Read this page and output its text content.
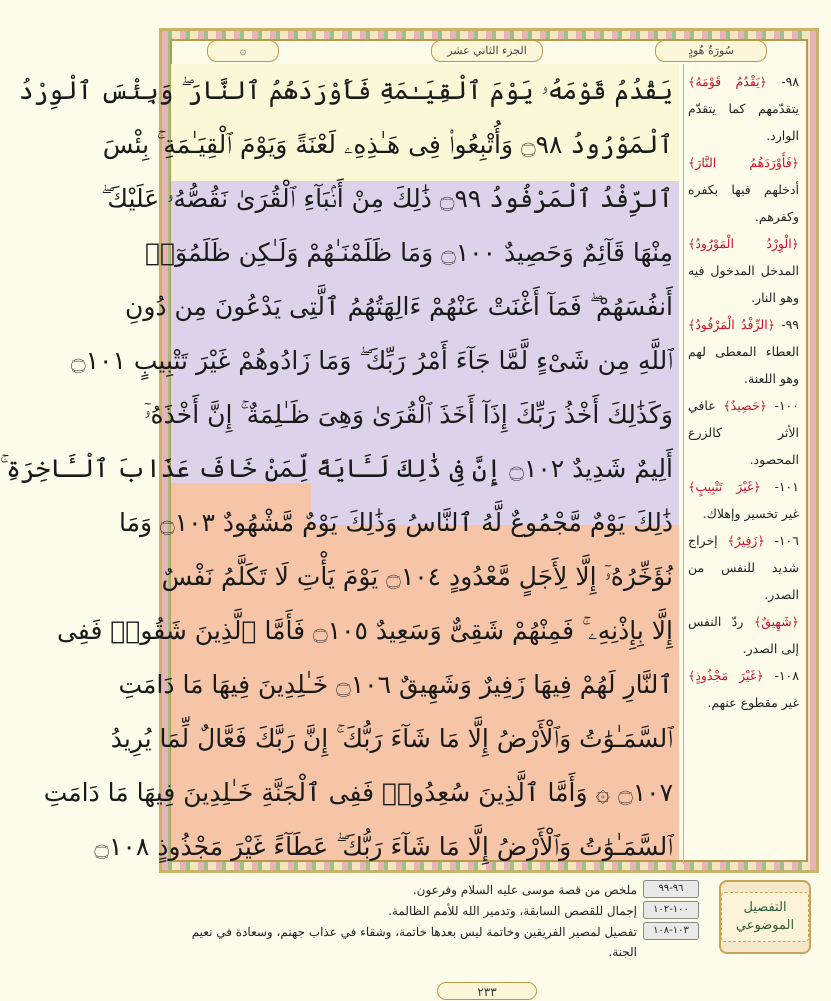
سُورَةُ هُودٍ
الجزء الثاني عشر
۞
٩٨- ﴿يَقْدُمُ قَوْمَهُ﴾ يتقدّمهم كما يتقدّم الوارد.
﴿فَأَوْرَدَهُمُ النَّارَ﴾ أدخلهم فيها بكفره وكفرهم.
﴿الْوِرْدُ الْمَوْرُودُ﴾ المدخل المدخول فيه وهو النار.
٩٩- ﴿الرِّفْدُ الْمَرْفُودُ﴾ العطاء المعطى لهم وهو اللعنة.
١٠٠- ﴿حَصِيدٌ﴾ عافي الأثر كالزرع المحصود.
١٠١- ﴿غَيْرَ تَتْبِيبٍ﴾ غير تخسير وإهلاك.
١٠٦- ﴿زَفِيرٌ﴾ إخراج شديد للنفس من الصدر.
﴿شَهِيقٌ﴾ ردّ النفس إلى الصدر.
١٠٨- ﴿غَيْرَ مَجْذُوذٍ﴾ غير مقطوع عنهم.
يَقْدُمُ قَوْمَهُۥ يَوْمَ ٱلْقِيَـٰمَةِ فَأَوْرَدَهُمُ ٱلنَّارَ ۖ وَبِئْسَ ٱلْوِرْدُ
ٱلْمَوْرُودُ ۝٩٨ وَأُتْبِعُوا۟ فِى هَـٰذِهِۦ لَعْنَةً وَيَوْمَ ٱلْقِيَـٰمَةِ ۚ بِئْسَ
ٱلرِّفْدُ ٱلْمَرْفُودُ ۝٩٩ ذَٰلِكَ مِنْ أَنۢبَآءِ ٱلْقُرَىٰ نَقُصُّهُۥ عَلَيْكَ ۖ
مِنْهَا قَآئِمٌ وَحَصِيدٌ ۝١٠٠ وَمَا ظَلَمْنَـٰهُمْ وَلَـٰكِن ظَلَمُوٓا۟
أَنفُسَهُمْ ۖ فَمَآ أَغْنَتْ عَنْهُمْ ءَالِهَتُهُمُ ٱلَّتِى يَدْعُونَ مِن دُونِ
ٱللَّهِ مِن شَىْءٍ لَّمَّا جَآءَ أَمْرُ رَبِّكَ ۖ وَمَا زَادُوهُمْ غَيْرَ تَتْبِيبٍ ۝١٠١
وَكَذَٰلِكَ أَخْذُ رَبِّكَ إِذَآ أَخَذَ ٱلْقُرَىٰ وَهِىَ ظَـٰلِمَةٌ ۚ إِنَّ أَخْذَهُۥٓ
أَلِيمٌ شَدِيدٌ ۝١٠٢ إِنَّ فِى ذَٰلِكَ لَـَٔايَةً لِّمَنْ خَافَ عَذَابَ ٱلْـَٔاخِرَةِ ۚ
ذَٰلِكَ يَوْمٌ مَّجْمُوعٌ لَّهُ ٱلنَّاسُ وَذَٰلِكَ يَوْمٌ مَّشْهُودٌ ۝١٠٣ وَمَا
نُؤَخِّرُهُۥٓ إِلَّا لِأَجَلٍ مَّعْدُودٍ ۝١٠٤ يَوْمَ يَأْتِ لَا تَكَلَّمُ نَفْسٌ
إِلَّا بِإِذْنِهِۦ ۚ فَمِنْهُمْ شَقِىٌّ وَسَعِيدٌ ۝١٠٥ فَأَمَّا ٱلَّذِينَ شَقُوا۟ فَفِى
ٱلنَّارِ لَهُمْ فِيهَا زَفِيرٌ وَشَهِيقٌ ۝١٠٦ خَـٰلِدِينَ فِيهَا مَا دَامَتِ
ٱلسَّمَـٰوَٰتُ وَٱلْأَرْضُ إِلَّا مَا شَآءَ رَبُّكَ ۚ إِنَّ رَبَّكَ فَعَّالٌ لِّمَا يُرِيدُ
۝١٠٧ ۞ وَأَمَّا ٱلَّذِينَ سُعِدُوا۟ فَفِى ٱلْجَنَّةِ خَـٰلِدِينَ فِيهَا مَا دَامَتِ
ٱلسَّمَـٰوَٰتُ وَٱلْأَرْضُ إِلَّا مَا شَآءَ رَبُّكَ ۖ عَطَآءً غَيْرَ مَجْذُوذٍ ۝١٠٨
٩٦-٩٩
ملخص من قصة موسى عليه السلام وفرعون.
١٠٠-١٠٢
إجمال للقصص السابقة، وتدمير الله للأمم الظالمة.
١٠٣-١٠٨
تفصيل لمصير الفريقين وخاتمة ليس بعدها خاتمة، وشقاء في عذاب جهنم، وسعادة في نعيم الجنة.
التفصيل الموضوعي
٢٣٣
